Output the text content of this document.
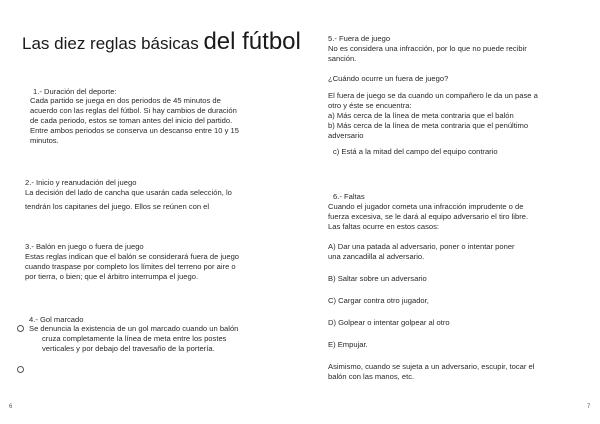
Las diez reglas básicas del fútbol

1.- Duración del deporte:

Cada partido se juega en dos periodos de 45 minutos de

acuerdo con las reglas del fútbol. Si hay cambios de duración

de cada periodo, estos se toman antes del inicio del partido.

Entre ambos periodos se conserva un descanso entre 10 y 15

minutos.

2.- Inicio y reanudación del juego

La decisión del lado de cancha que usarán cada selección, lo

tendrán los capitanes del juego. Ellos se reúnen con el

3.- Balón en juego o fuera de juego

Estas reglas indican que el balón se considerará fuera de juego

cuando traspase por completo los límites del terreno por aire o

por tierra, o bien; que el árbitro interrumpa el juego.

4.- Gol marcado

Se denuncia la existencia de un gol marcado cuando un balón

cruza completamente la línea de meta entre los postes

verticales y por debajo del travesaño de la portería.

6

5.- Fuera de juego

No es considera una infracción, por lo que no puede recibir

sanción.

¿Cuándo ocurre un fuera de juego?

El fuera de juego se da cuando un compañero le da un pase a

otro y éste se encuentra:

a) Más cerca de la línea de meta contraria que el balón

b) Más cerca de la línea de meta contraria que el penúltimo

adversario

c) Está a la mitad del campo del equipo contrario

6.- Faltas

Cuando el jugador cometa una infracción imprudente o de

fuerza excesiva, se le dará al equipo adversario el tiro libre.

Las faltas ocurre en estos casos:

A) Dar una patada al adversario, poner o intentar poner

una zancadilla al adversario.

B) Saltar sobre un adversario

C) Cargar contra otro jugador,

D) Golpear o intentar golpear al otro

E) Empujar.

Asimismo, cuando se sujeta a un adversario, escupir, tocar el

balón con las manos, etc.

7
